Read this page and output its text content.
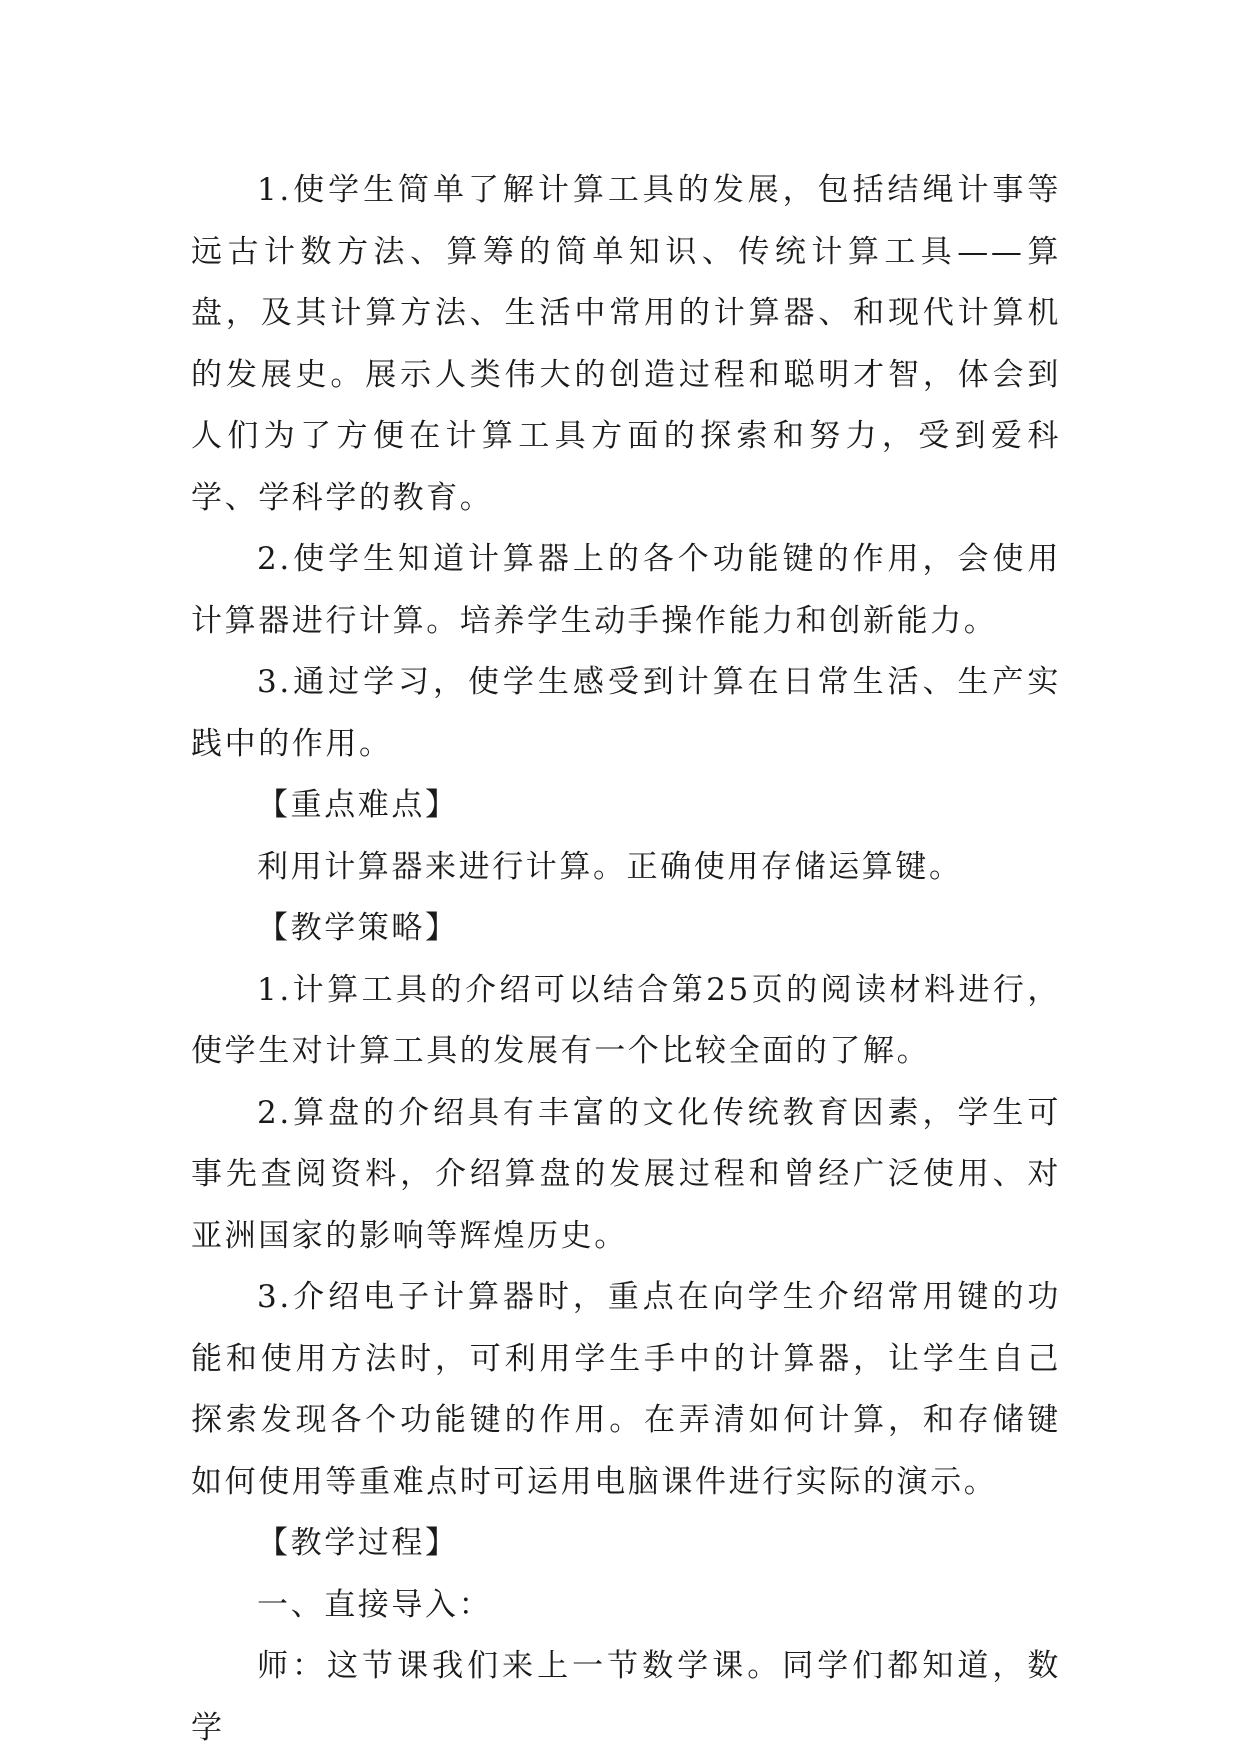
1.使学生简单了解计算工具的发展，包括结绳计事等远古计数方法、算筹的简单知识、传统计算工具——算盘，及其计算方法、生活中常用的计算器、和现代计算机的发展史。展示人类伟大的创造过程和聪明才智，体会到人们为了方便在计算工具方面的探索和努力，受到爱科学、学科学的教育。

2.使学生知道计算器上的各个功能键的作用，会使用计算器进行计算。培养学生动手操作能力和创新能力。

3.通过学习，使学生感受到计算在日常生活、生产实践中的作用。

【重点难点】

利用计算器来进行计算。正确使用存储运算键。

【教学策略】

1.计算工具的介绍可以结合第25页的阅读材料进行，使学生对计算工具的发展有一个比较全面的了解。

2.算盘的介绍具有丰富的文化传统教育因素，学生可事先查阅资料，介绍算盘的发展过程和曾经广泛使用、对亚洲国家的影响等辉煌历史。

3.介绍电子计算器时，重点在向学生介绍常用键的功能和使用方法时，可利用学生手中的计算器，让学生自己探索发现各个功能键的作用。在弄清如何计算，和存储键如何使用等重难点时可运用电脑课件进行实际的演示。

【教学过程】

一、直接导入：

师：这节课我们来上一节数学课。同学们都知道，数学
